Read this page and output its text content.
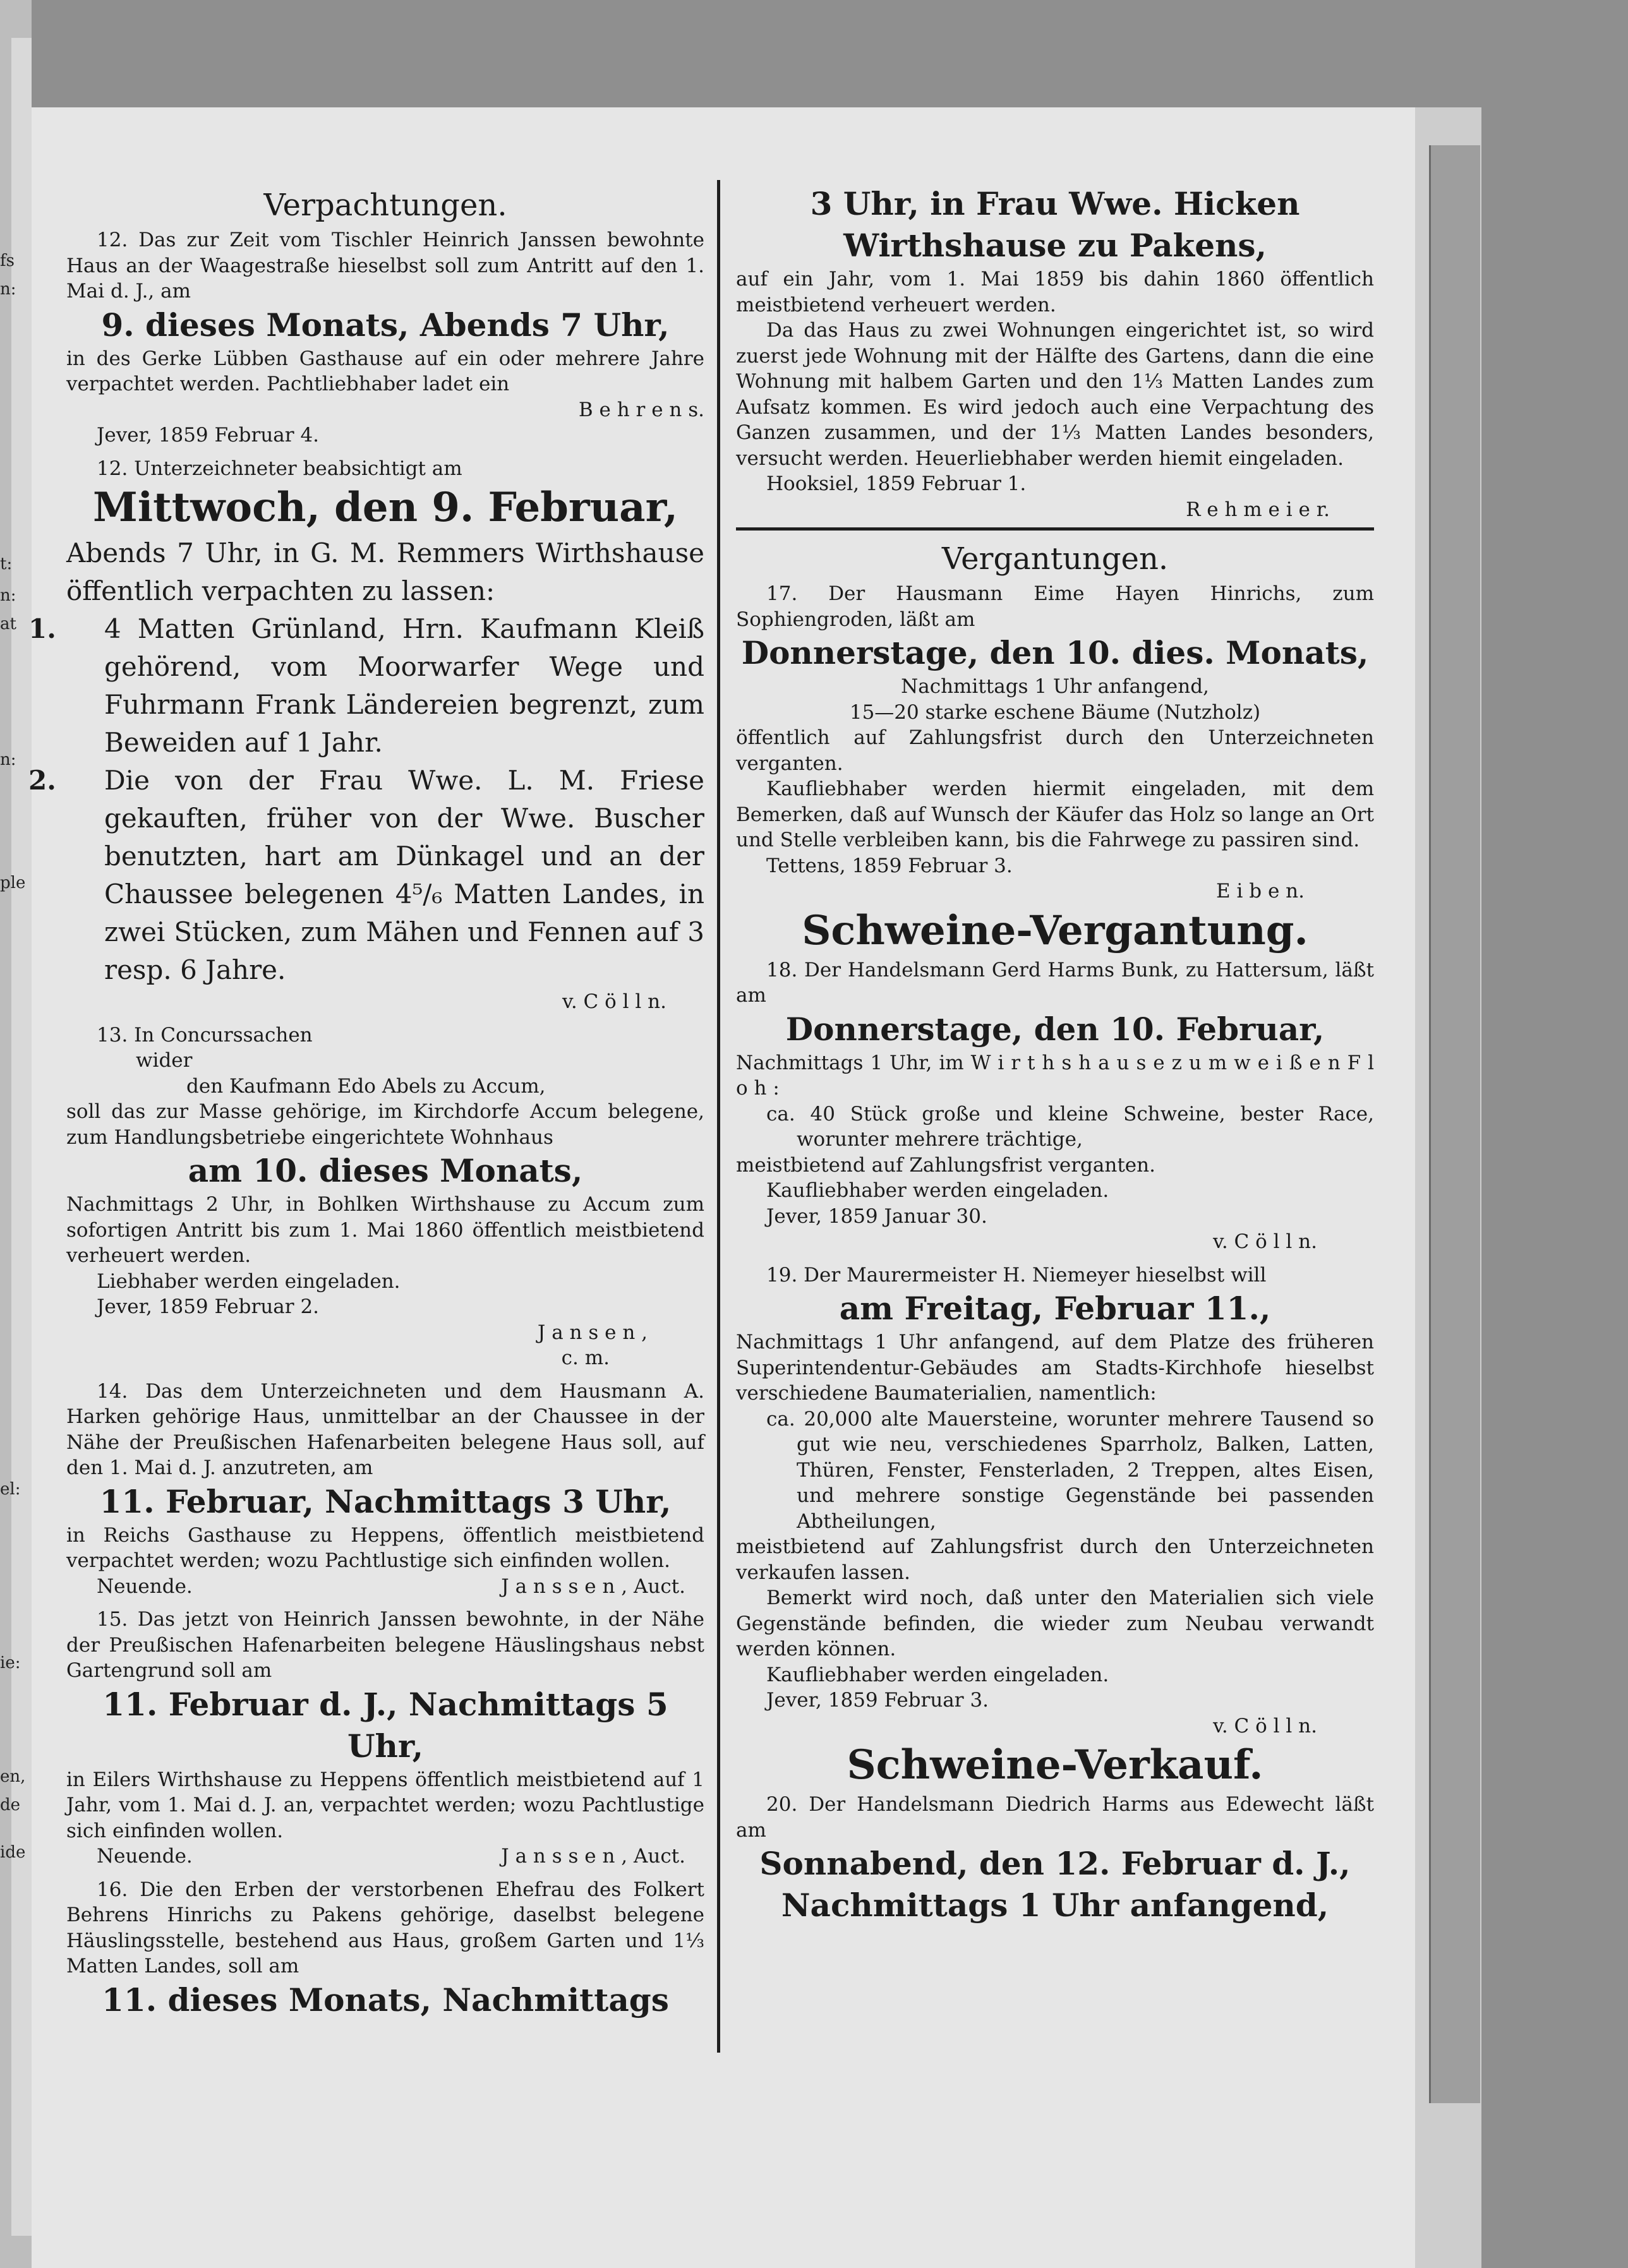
fs
n:
t:
n:
at
n:
ple
el:
ie:
en,
de
ide

Verpachtungen.

12. Das zur Zeit vom Tischler Heinrich Janssen bewohnte Haus an der Waagestraße hieselbst soll zum Antritt auf den 1. Mai d. J., am

9. dieses Monats, Abends 7 Uhr,

in des Gerke Lübben Gasthause auf ein oder mehrere Jahre verpachtet werden. Pachtliebhaber ladet ein

B e h r e n s.

Jever, 1859 Februar 4.

12. Unterzeichneter beabsichtigt am

Mittwoch, den 9. Februar,

Abends 7 Uhr, in G. M. Remmers Wirthshause öffentlich verpachten zu lassen:

1. 4 Matten Grünland, Hrn. Kaufmann Kleiß gehörend, vom Moorwarfer Wege und Fuhrmann Frank Ländereien begrenzt, zum Beweiden auf 1 Jahr.

2. Die von der Frau Wwe. L. M. Friese gekauften, früher von der Wwe. Buscher benutzten, hart am Dünkagel und an der Chaussee belegenen 4⁵/₆ Matten Landes, in zwei Stücken, zum Mähen und Fennen auf 3 resp. 6 Jahre.

v. C ö l l n.

13. In Concurssachen

wider

den Kaufmann Edo Abels zu Accum,

soll das zur Masse gehörige, im Kirchdorfe Accum belegene, zum Handlungsbetriebe eingerichtete Wohnhaus

am 10. dieses Monats,

Nachmittags 2 Uhr, in Bohlken Wirthshause zu Accum zum sofortigen Antritt bis zum 1. Mai 1860 öffentlich meistbietend verheuert werden.

Liebhaber werden eingeladen.

Jever, 1859 Februar 2.

J a n s e n ,

c. m.

14. Das dem Unterzeichneten und dem Hausmann A. Harken gehörige Haus, unmittelbar an der Chaussee in der Nähe der Preußischen Hafenarbeiten belegene Haus soll, auf den 1. Mai d. J. anzutreten, am

11. Februar, Nachmittags 3 Uhr,

in Reichs Gasthause zu Heppens, öffentlich meistbietend verpachtet werden; wozu Pachtlustige sich einfinden wollen.

Neuende.	J a n s s e n , Auct.

15. Das jetzt von Heinrich Janssen bewohnte, in der Nähe der Preußischen Hafenarbeiten belegene Häuslingshaus nebst Gartengrund soll am

11. Februar d. J., Nachmittags 5 Uhr,

in Eilers Wirthshause zu Heppens öffentlich meistbietend auf 1 Jahr, vom 1. Mai d. J. an, verpachtet werden; wozu Pachtlustige sich einfinden wollen.

Neuende.	J a n s s e n , Auct.

16. Die den Erben der verstorbenen Ehefrau des Folkert Behrens Hinrichs zu Pakens gehörige, daselbst belegene Häuslingsstelle, bestehend aus Haus, großem Garten und 1⅓ Matten Landes, soll am

11. dieses Monats, Nachmittags

3 Uhr, in Frau Wwe. Hicken Wirthshause zu Pakens,

auf ein Jahr, vom 1. Mai 1859 bis dahin 1860 öffentlich meistbietend verheuert werden.

Da das Haus zu zwei Wohnungen eingerichtet ist, so wird zuerst jede Wohnung mit der Hälfte des Gartens, dann die eine Wohnung mit halbem Garten und den 1⅓ Matten Landes zum Aufsatz kommen. Es wird jedoch auch eine Verpachtung des Ganzen zusammen, und der 1⅓ Matten Landes besonders, versucht werden. Heuerliebhaber werden hiemit eingeladen.

Hooksiel, 1859 Februar 1.

R e h m e i e r.

Vergantungen.

17. Der Hausmann Eime Hayen Hinrichs, zum Sophiengroden, läßt am

Donnerstage, den 10. dies. Monats,

Nachmittags 1 Uhr anfangend,

15—20 starke eschene Bäume (Nutzholz)

öffentlich auf Zahlungsfrist durch den Unterzeichneten verganten.

Kaufliebhaber werden hiermit eingeladen, mit dem Bemerken, daß auf Wunsch der Käufer das Holz so lange an Ort und Stelle verbleiben kann, bis die Fahrwege zu passiren sind.

Tettens, 1859 Februar 3.

E i b e n.

Schweine-Vergantung.

18. Der Handelsmann Gerd Harms Bunk, zu Hattersum, läßt am

Donnerstage, den 10. Februar,

Nachmittags 1 Uhr, im W i r t h s h a u s e z u m w e i ß e n F l o h :

ca. 40 Stück große und kleine Schweine, bester Race, worunter mehrere trächtige,

meistbietend auf Zahlungsfrist verganten.

Kaufliebhaber werden eingeladen.

Jever, 1859 Januar 30.

v. C ö l l n.

19. Der Maurermeister H. Niemeyer hieselbst will

am Freitag, Februar 11.,

Nachmittags 1 Uhr anfangend, auf dem Platze des früheren Superintendentur-Gebäudes am Stadts-Kirchhofe hieselbst verschiedene Baumaterialien, namentlich:

ca. 20,000 alte Mauersteine, worunter mehrere Tausend so gut wie neu, verschiedenes Sparrholz, Balken, Latten, Thüren, Fenster, Fensterladen, 2 Treppen, altes Eisen, und mehrere sonstige Gegenstände bei passenden Abtheilungen,

meistbietend auf Zahlungsfrist durch den Unterzeichneten verkaufen lassen.

Bemerkt wird noch, daß unter den Materialien sich viele Gegenstände befinden, die wieder zum Neubau verwandt werden können.

Kaufliebhaber werden eingeladen.

Jever, 1859 Februar 3.

v. C ö l l n.

Schweine-Verkauf.

20. Der Handelsmann Diedrich Harms aus Edewecht läßt am

Sonnabend, den 12. Februar d. J.,

Nachmittags 1 Uhr anfangend,
